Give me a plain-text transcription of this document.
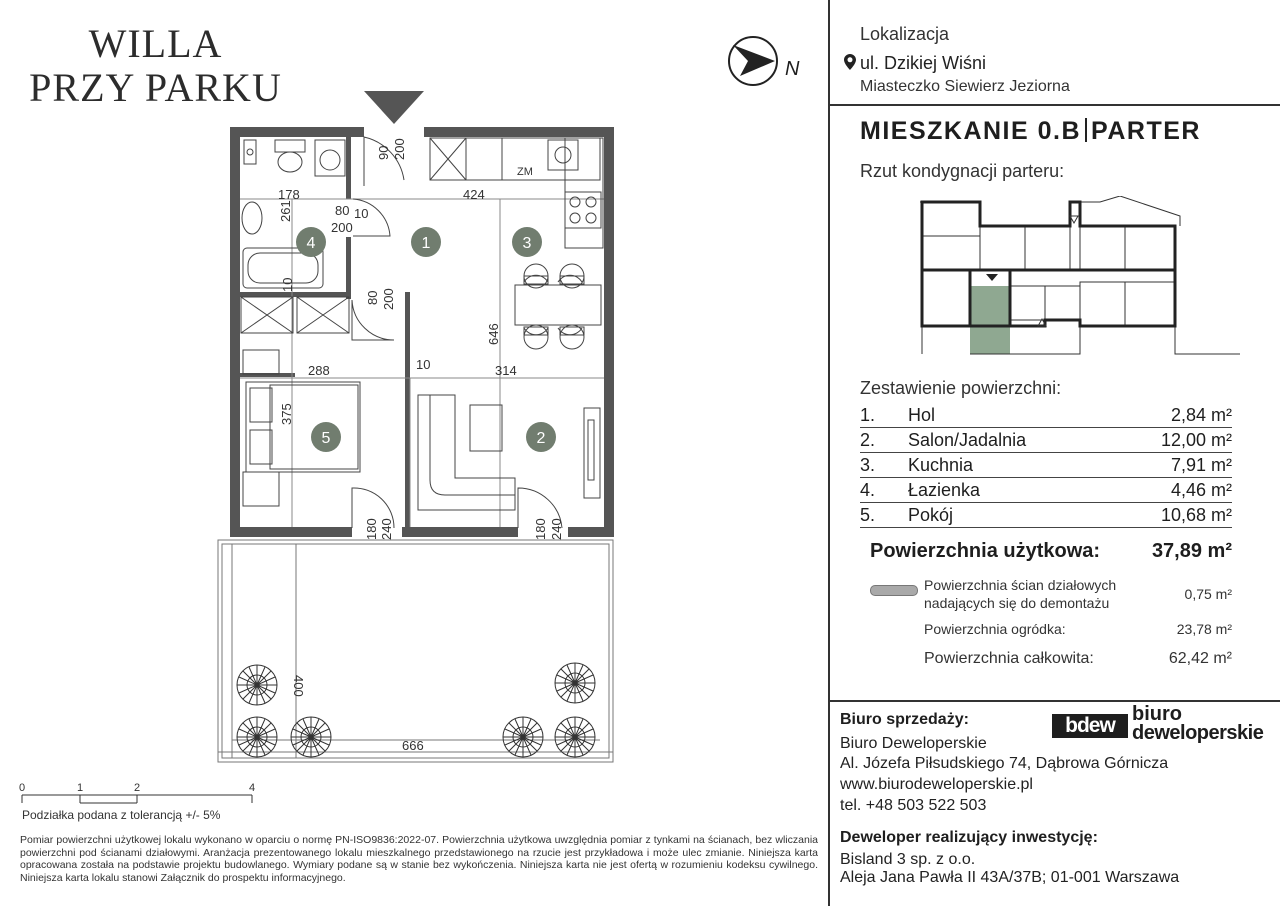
WILLA
PRZY PARKU
1
2
3
4
5
178	424
261	80
200
10
90 200
ZM
80 200
646
10
10
288	314
375
180 240	180 240
400
666
0	1	2	4
N
Lokalizacja
ul. Dzikiej Wiśni
Miasteczko Siewierz Jeziorna
MIESZKANIE 0.B PARTER
Rzut kondygnacji parteru:
Zestawienie powierzchni:
1. Hol	2,84 m²
2. Salon/Jadalnia	12,00 m²
3. Kuchnia	7,91 m²
4. Łazienka	4,46 m²
5. Pokój	10,68 m²
Powierzchnia użytkowa:	37,89 m²
Powierzchnia ścian działowych
nadających się do demontażu
0,75 m²
Powierzchnia ogródka:	23,78 m²
Powierzchnia całkowita:	62,42 m²
Biuro sprzedaży:
Biuro Deweloperskie
Al. Józefa Piłsudskiego 74, Dąbrowa Górnicza
www.biurodeweloperskie.pl
tel. +48 503 522 503
bdew biuro
deweloperskie
Deweloper realizujący inwestycję:
Bisland 3 sp. z o.o.
Aleja Jana Pawła II 43A/37B; 01-001 Warszawa
Podziałka podana z tolerancją +/- 5%
Pomiar powierzchni użytkowej lokalu wykonano w oparciu o normę PN-ISO9836:2022-07. Powierzchnia użytkowa uwzględnia pomiar z tynkami na ścianach, bez wliczania powierzchni pod ścianami działowymi. Aranżacja prezentowanego lokalu mieszkalnego przedstawionego na rzucie jest przykładowa i może ulec zmianie. Niniejsza karta opracowana została na podstawie projektu budowlanego. Wymiary podane są w stanie bez wykończenia. Niniejsza karta nie jest ofertą w rozumieniu kodeksu cywilnego. Niniejsza karta lokalu stanowi Załącznik do prospektu informacyjnego.
